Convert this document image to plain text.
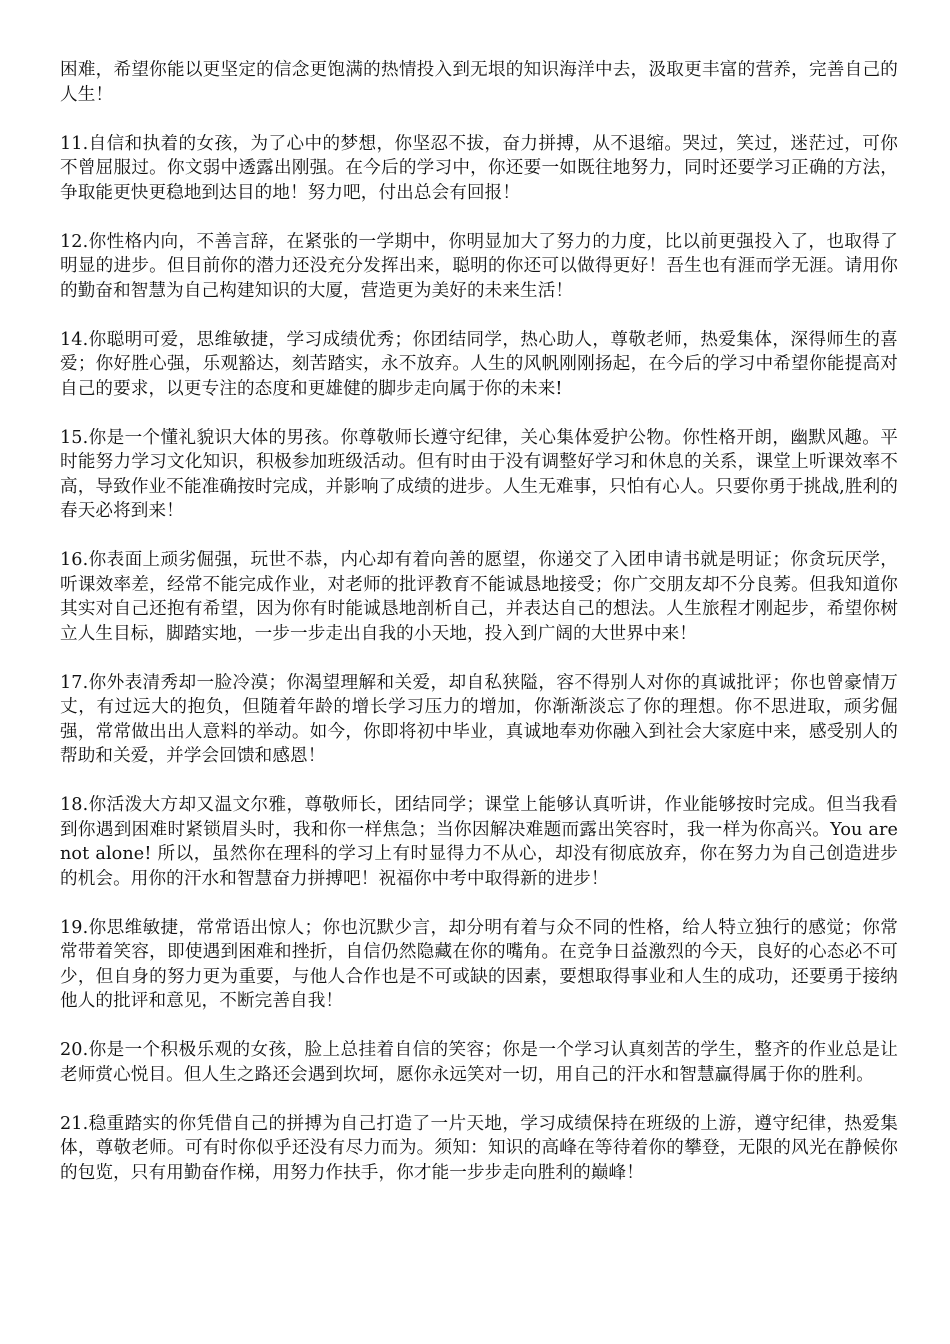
困难，希望你能以更坚定的信念更饱满的热情投入到无垠的知识海洋中去，汲取更丰富的营养，完善自己的人生！

11.自信和执着的女孩，为了心中的梦想，你坚忍不拔，奋力拼搏，从不退缩。哭过，笑过，迷茫过，可你不曾屈服过。你文弱中透露出刚强。在今后的学习中，你还要一如既往地努力，同时还要学习正确的方法，争取能更快更稳地到达目的地！努力吧，付出总会有回报！

12.你性格内向，不善言辞，在紧张的一学期中，你明显加大了努力的力度，比以前更强投入了，也取得了明显的进步。但目前你的潜力还没充分发挥出来，聪明的你还可以做得更好！吾生也有涯而学无涯。请用你的勤奋和智慧为自己构建知识的大厦，营造更为美好的未来生活！

14.你聪明可爱，思维敏捷，学习成绩优秀；你团结同学，热心助人，尊敬老师，热爱集体，深得师生的喜爱；你好胜心强，乐观豁达，刻苦踏实，永不放弃。人生的风帆刚刚扬起，在今后的学习中希望你能提高对自己的要求，以更专注的态度和更雄健的脚步走向属于你的未来!

15.你是一个懂礼貌识大体的男孩。你尊敬师长遵守纪律，关心集体爱护公物。你性格开朗，幽默风趣。平时能努力学习文化知识，积极参加班级活动。但有时由于没有调整好学习和休息的关系，课堂上听课效率不高，导致作业不能准确按时完成，并影响了成绩的进步。人生无难事，只怕有心人。只要你勇于挑战,胜利的春天必将到来！

16.你表面上顽劣倔强，玩世不恭，内心却有着向善的愿望，你递交了入团申请书就是明证；你贪玩厌学，听课效率差，经常不能完成作业，对老师的批评教育不能诚恳地接受；你广交朋友却不分良莠。但我知道你其实对自己还抱有希望，因为你有时能诚恳地剖析自己，并表达自己的想法。人生旅程才刚起步，希望你树立人生目标，脚踏实地，一步一步走出自我的小天地，投入到广阔的大世界中来！

17.你外表清秀却一脸冷漠；你渴望理解和关爱，却自私狭隘，容不得别人对你的真诚批评；你也曾豪情万丈，有过远大的抱负，但随着年龄的增长学习压力的增加，你渐渐淡忘了你的理想。你不思进取，顽劣倔强，常常做出出人意料的举动。如今，你即将初中毕业，真诚地奉劝你融入到社会大家庭中来，感受别人的帮助和关爱，并学会回馈和感恩！

18.你活泼大方却又温文尔雅，尊敬师长，团结同学；课堂上能够认真听讲，作业能够按时完成。但当我看到你遇到困难时紧锁眉头时，我和你一样焦急；当你因解决难题而露出笑容时，我一样为你高兴。You are not alone! 所以，虽然你在理科的学习上有时显得力不从心，却没有彻底放弃，你在努力为自己创造进步的机会。用你的汗水和智慧奋力拼搏吧！祝福你中考中取得新的进步！

19.你思维敏捷，常常语出惊人；你也沉默少言，却分明有着与众不同的性格，给人特立独行的感觉；你常常带着笑容，即使遇到困难和挫折，自信仍然隐藏在你的嘴角。在竞争日益激烈的今天，良好的心态必不可少，但自身的努力更为重要，与他人合作也是不可或缺的因素，要想取得事业和人生的成功，还要勇于接纳他人的批评和意见，不断完善自我！

20.你是一个积极乐观的女孩，脸上总挂着自信的笑容；你是一个学习认真刻苦的学生，整齐的作业总是让老师赏心悦目。但人生之路还会遇到坎坷，愿你永远笑对一切，用自己的汗水和智慧赢得属于你的胜利。

21.稳重踏实的你凭借自己的拼搏为自己打造了一片天地，学习成绩保持在班级的上游，遵守纪律，热爱集体，尊敬老师。可有时你似乎还没有尽力而为。须知：知识的高峰在等待着你的攀登，无限的风光在静候你的包览，只有用勤奋作梯，用努力作扶手，你才能一步步走向胜利的巅峰！
